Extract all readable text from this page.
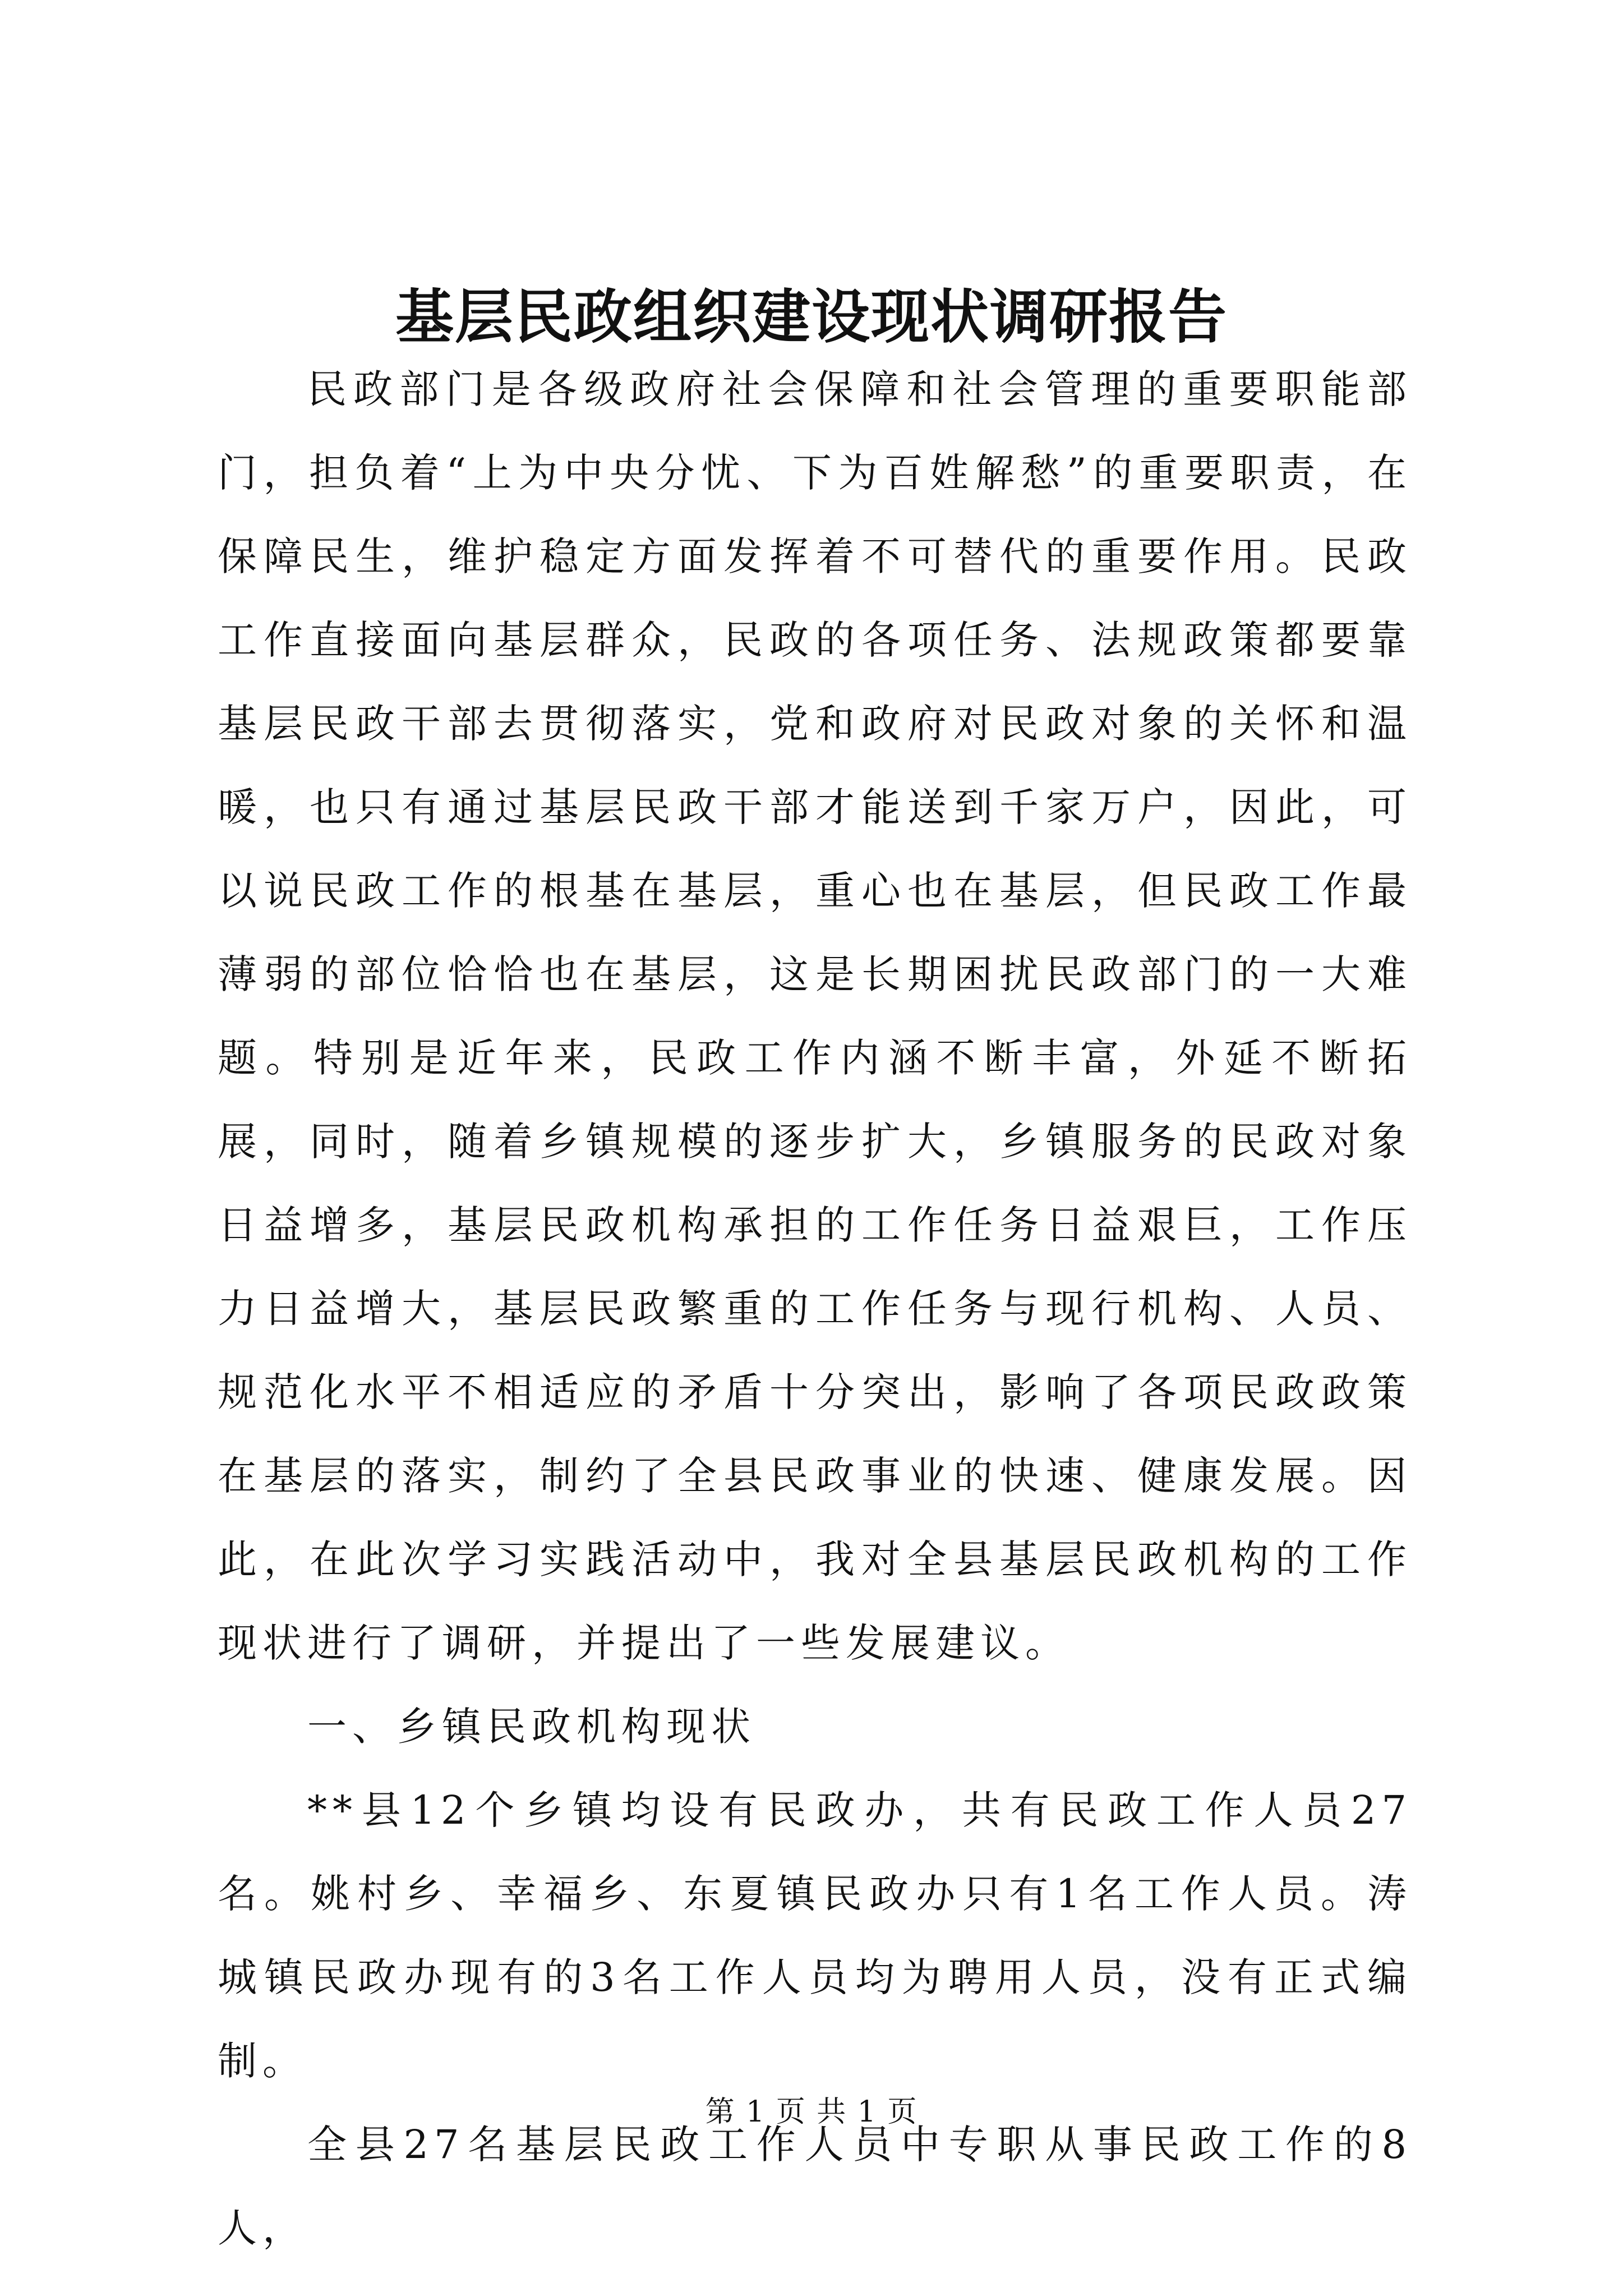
基层民政组织建设现状调研报告

民政部门是各级政府社会保障和社会管理的重要职能部门，担负着“上为中央分忧、下为百姓解愁”的重要职责，在保障民生，维护稳定方面发挥着不可替代的重要作用。民政工作直接面向基层群众，民政的各项任务、法规政策都要靠基层民政干部去贯彻落实，党和政府对民政对象的关怀和温暖，也只有通过基层民政干部才能送到千家万户，因此，可以说民政工作的根基在基层，重心也在基层，但民政工作最薄弱的部位恰恰也在基层，这是长期困扰民政部门的一大难题。特别是近年来，民政工作内涵不断丰富，外延不断拓展，同时，随着乡镇规模的逐步扩大，乡镇服务的民政对象日益增多，基层民政机构承担的工作任务日益艰巨，工作压力日益增大，基层民政繁重的工作任务与现行机构、人员、规范化水平不相适应的矛盾十分突出，影响了各项民政政策在基层的落实，制约了全县民政事业的快速、健康发展。因此，在此次学习实践活动中，我对全县基层民政机构的工作现状进行了调研，并提出了一些发展建议。

一、乡镇民政机构现状

**县12个乡镇均设有民政办，共有民政工作人员27名。姚村乡、幸福乡、东夏镇民政办只有1名工作人员。涛城镇民政办现有的3名工作人员均为聘用人员，没有正式编制。

全县27名基层民政工作人员中专职从事民政工作的8人，

第 1 页 共 1 页
